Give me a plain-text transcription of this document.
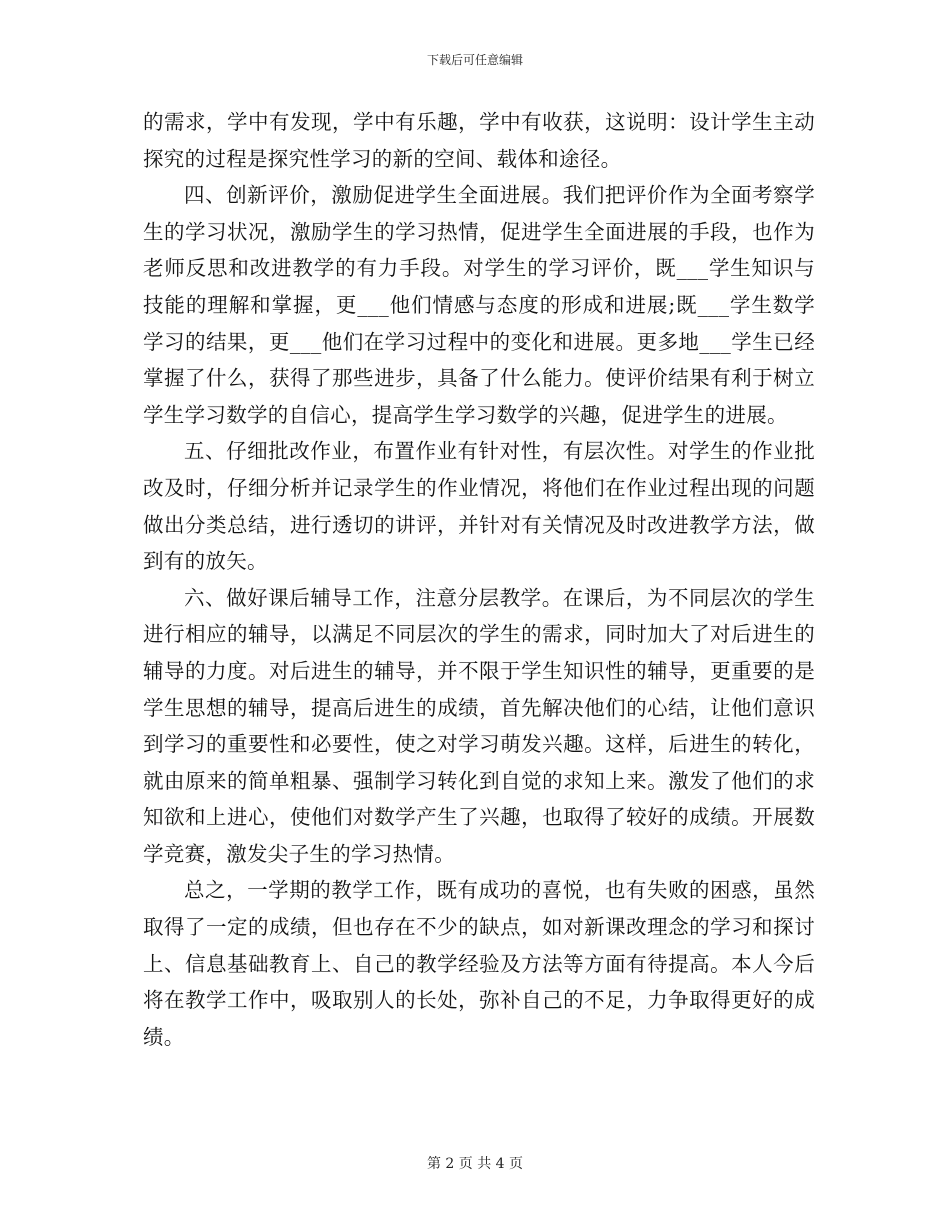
下载后可任意编辑

的需求，学中有发现，学中有乐趣，学中有收获，这说明：设计学生主动探究的过程是探究性学习的新的空间、载体和途径。

四、创新评价，激励促进学生全面进展。我们把评价作为全面考察学生的学习状况，激励学生的学习热情，促进学生全面进展的手段，也作为老师反思和改进教学的有力手段。对学生的学习评价，既___学生知识与技能的理解和掌握，更___他们情感与态度的形成和进展;既___学生数学学习的结果，更___他们在学习过程中的变化和进展。更多地___学生已经掌握了什么，获得了那些进步，具备了什么能力。使评价结果有利于树立学生学习数学的自信心，提高学生学习数学的兴趣，促进学生的进展。

五、仔细批改作业，布置作业有针对性，有层次性。对学生的作业批改及时，仔细分析并记录学生的作业情况，将他们在作业过程出现的问题做出分类总结，进行透切的讲评，并针对有关情况及时改进教学方法，做到有的放矢。

六、做好课后辅导工作，注意分层教学。在课后，为不同层次的学生进行相应的辅导，以满足不同层次的学生的需求，同时加大了对后进生的辅导的力度。对后进生的辅导，并不限于学生知识性的辅导，更重要的是学生思想的辅导，提高后进生的成绩，首先解决他们的心结，让他们意识到学习的重要性和必要性，使之对学习萌发兴趣。这样，后进生的转化，就由原来的简单粗暴、强制学习转化到自觉的求知上来。激发了他们的求知欲和上进心，使他们对数学产生了兴趣，也取得了较好的成绩。开展数学竞赛，激发尖子生的学习热情。

总之，一学期的教学工作，既有成功的喜悦，也有失败的困惑，虽然取得了一定的成绩，但也存在不少的缺点，如对新课改理念的学习和探讨上、信息基础教育上、自己的教学经验及方法等方面有待提高。本人今后将在教学工作中，吸取别人的长处，弥补自己的不足，力争取得更好的成绩。

第 2 页 共 4 页
